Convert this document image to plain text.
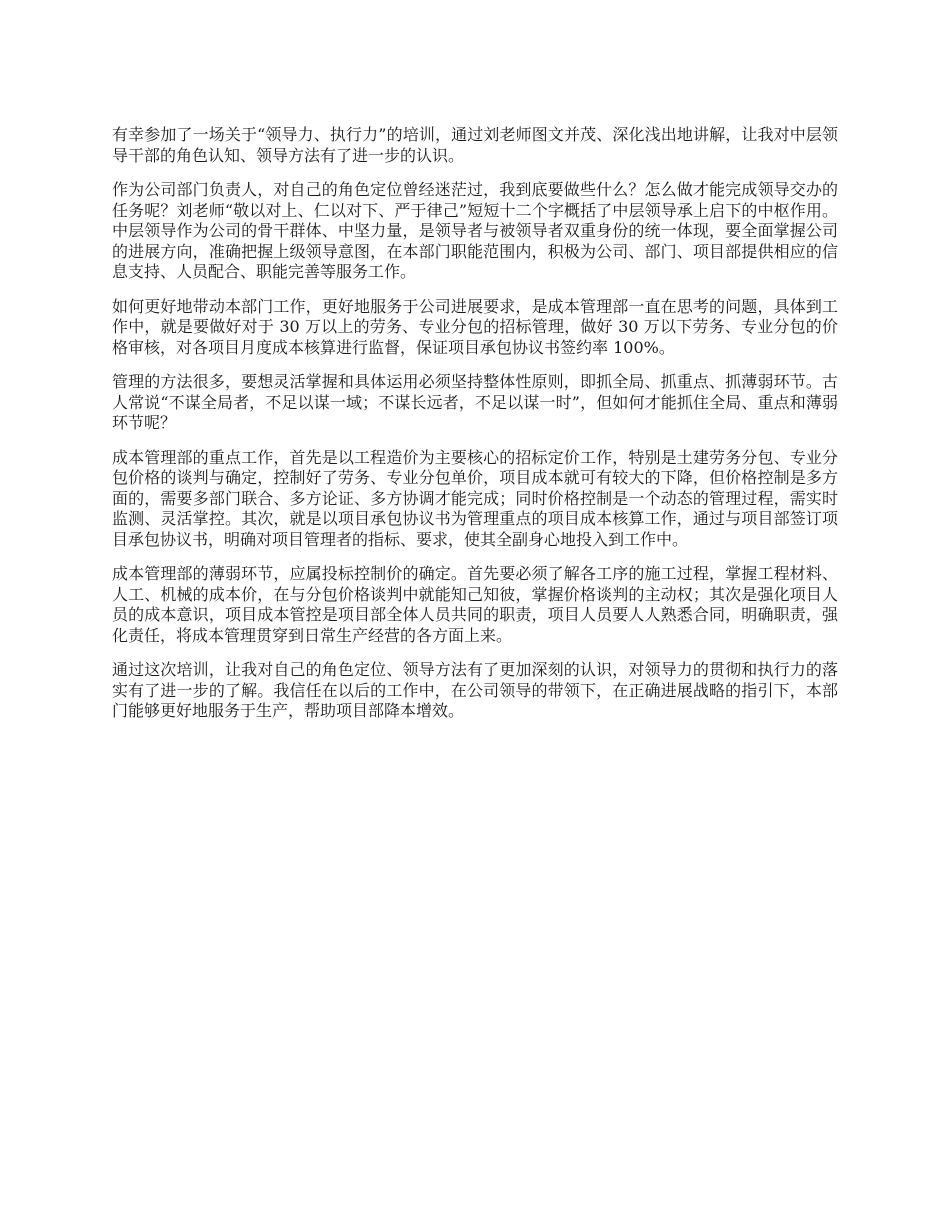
有幸参加了一场关于“领导力、执行力”的培训，通过刘老师图文并茂、深化浅出地讲解，让我对中层领导干部的角色认知、领导方法有了进一步的认识。

作为公司部门负责人，对自己的角色定位曾经迷茫过，我到底要做些什么？怎么做才能完成领导交办的任务呢？刘老师“敬以对上、仁以对下、严于律己”短短十二个字概括了中层领导承上启下的中枢作用。中层领导作为公司的骨干群体、中坚力量，是领导者与被领导者双重身份的统一体现，要全面掌握公司的进展方向，准确把握上级领导意图，在本部门职能范围内，积极为公司、部门、项目部提供相应的信息支持、人员配合、职能完善等服务工作。

如何更好地带动本部门工作，更好地服务于公司进展要求，是成本管理部一直在思考的问题，具体到工作中，就是要做好对于 30 万以上的劳务、专业分包的招标管理，做好 30 万以下劳务、专业分包的价格审核，对各项目月度成本核算进行监督，保证项目承包协议书签约率 100%。

管理的方法很多，要想灵活掌握和具体运用必须坚持整体性原则，即抓全局、抓重点、抓薄弱环节。古人常说“不谋全局者，不足以谋一域；不谋长远者，不足以谋一时”，但如何才能抓住全局、重点和薄弱环节呢？

成本管理部的重点工作，首先是以工程造价为主要核心的招标定价工作，特别是土建劳务分包、专业分包价格的谈判与确定，控制好了劳务、专业分包单价，项目成本就可有较大的下降，但价格控制是多方面的，需要多部门联合、多方论证、多方协调才能完成；同时价格控制是一个动态的管理过程，需实时监测、灵活掌控。其次，就是以项目承包协议书为管理重点的项目成本核算工作，通过与项目部签订项目承包协议书，明确对项目管理者的指标、要求，使其全副身心地投入到工作中。

成本管理部的薄弱环节，应属投标控制价的确定。首先要必须了解各工序的施工过程，掌握工程材料、人工、机械的成本价，在与分包价格谈判中就能知己知彼，掌握价格谈判的主动权；其次是强化项目人员的成本意识，项目成本管控是项目部全体人员共同的职责，项目人员要人人熟悉合同，明确职责，强化责任，将成本管理贯穿到日常生产经营的各方面上来。

通过这次培训，让我对自己的角色定位、领导方法有了更加深刻的认识，对领导力的贯彻和执行力的落实有了进一步的了解。我信任在以后的工作中，在公司领导的带领下，在正确进展战略的指引下，本部门能够更好地服务于生产，帮助项目部降本增效。
